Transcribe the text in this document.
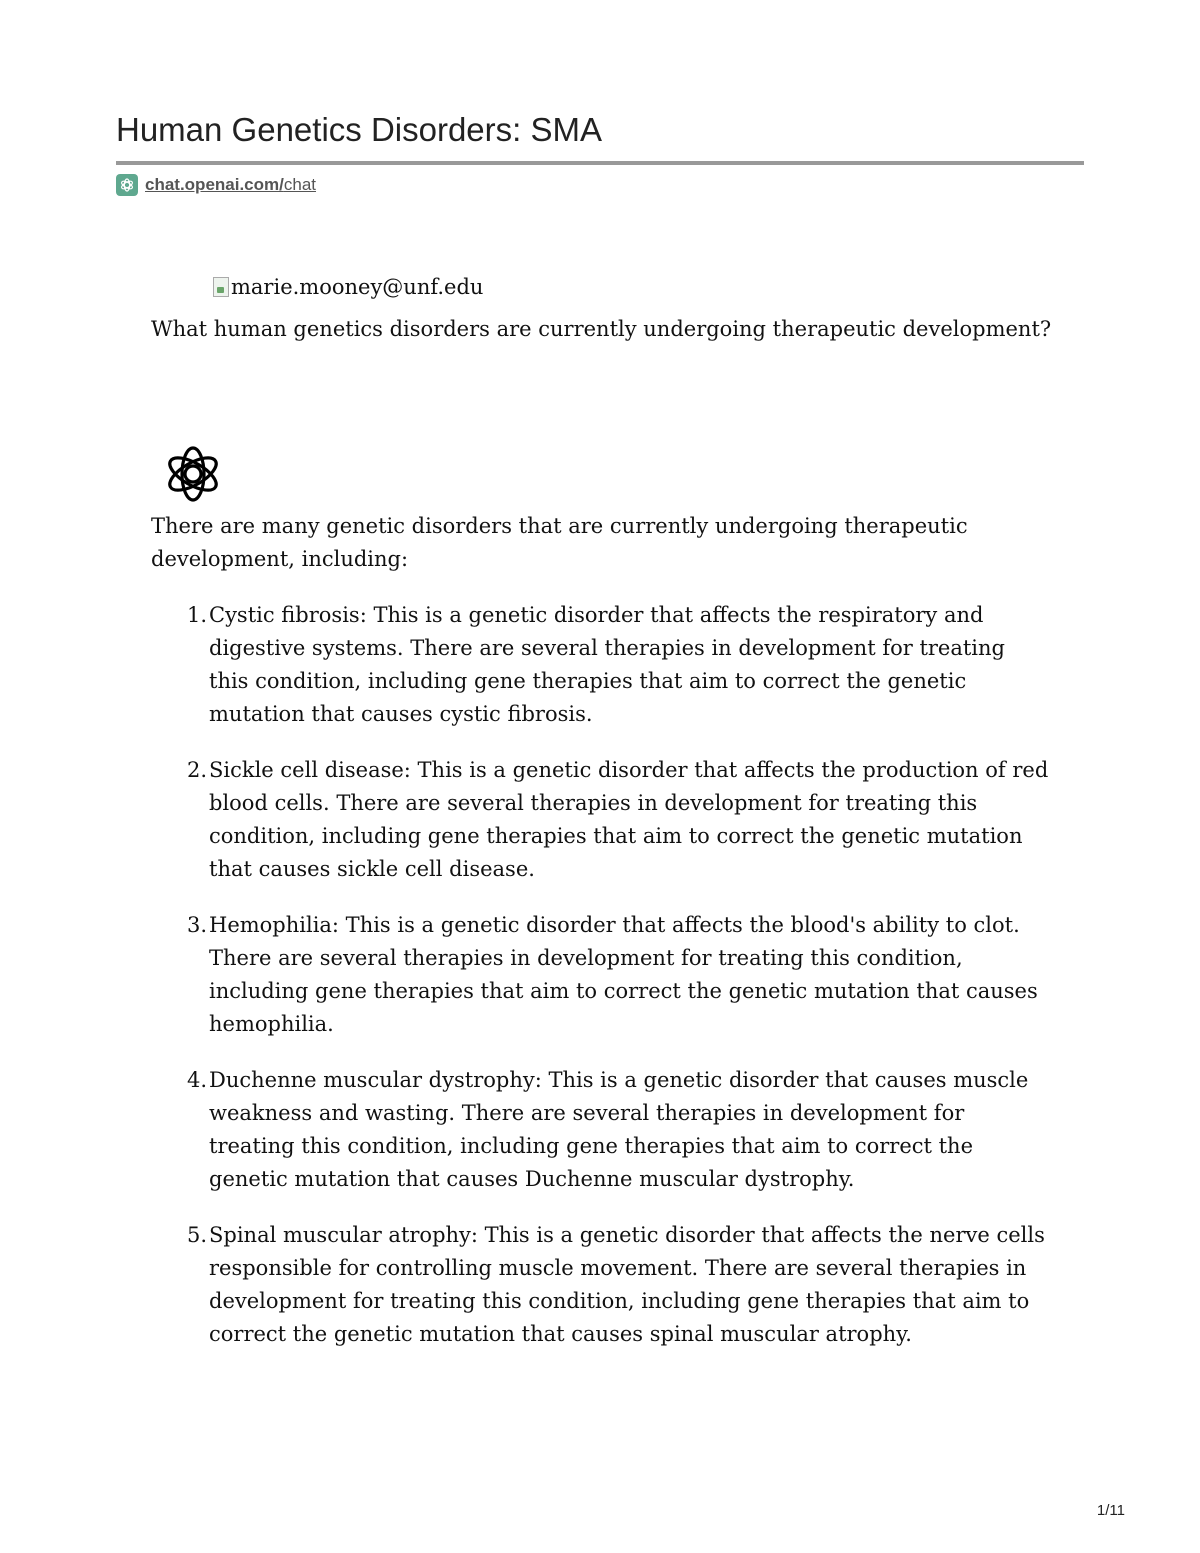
Human Genetics Disorders: SMA
chat.openai.com/chat
marie.mooney@unf.edu

What human genetics disorders are currently undergoing therapeutic development?

There are many genetic disorders that are currently undergoing therapeutic development, including:

1. Cystic fibrosis: This is a genetic disorder that affects the respiratory and digestive systems. There are several therapies in development for treating this condition, including gene therapies that aim to correct the genetic mutation that causes cystic fibrosis.
2. Sickle cell disease: This is a genetic disorder that affects the production of red blood cells. There are several therapies in development for treating this condition, including gene therapies that aim to correct the genetic mutation that causes sickle cell disease.
3. Hemophilia: This is a genetic disorder that affects the blood's ability to clot. There are several therapies in development for treating this condition, including gene therapies that aim to correct the genetic mutation that causes hemophilia.
4. Duchenne muscular dystrophy: This is a genetic disorder that causes muscle weakness and wasting. There are several therapies in development for treating this condition, including gene therapies that aim to correct the genetic mutation that causes Duchenne muscular dystrophy.
5. Spinal muscular atrophy: This is a genetic disorder that affects the nerve cells responsible for controlling muscle movement. There are several therapies in development for treating this condition, including gene therapies that aim to correct the genetic mutation that causes spinal muscular atrophy.
1/11
